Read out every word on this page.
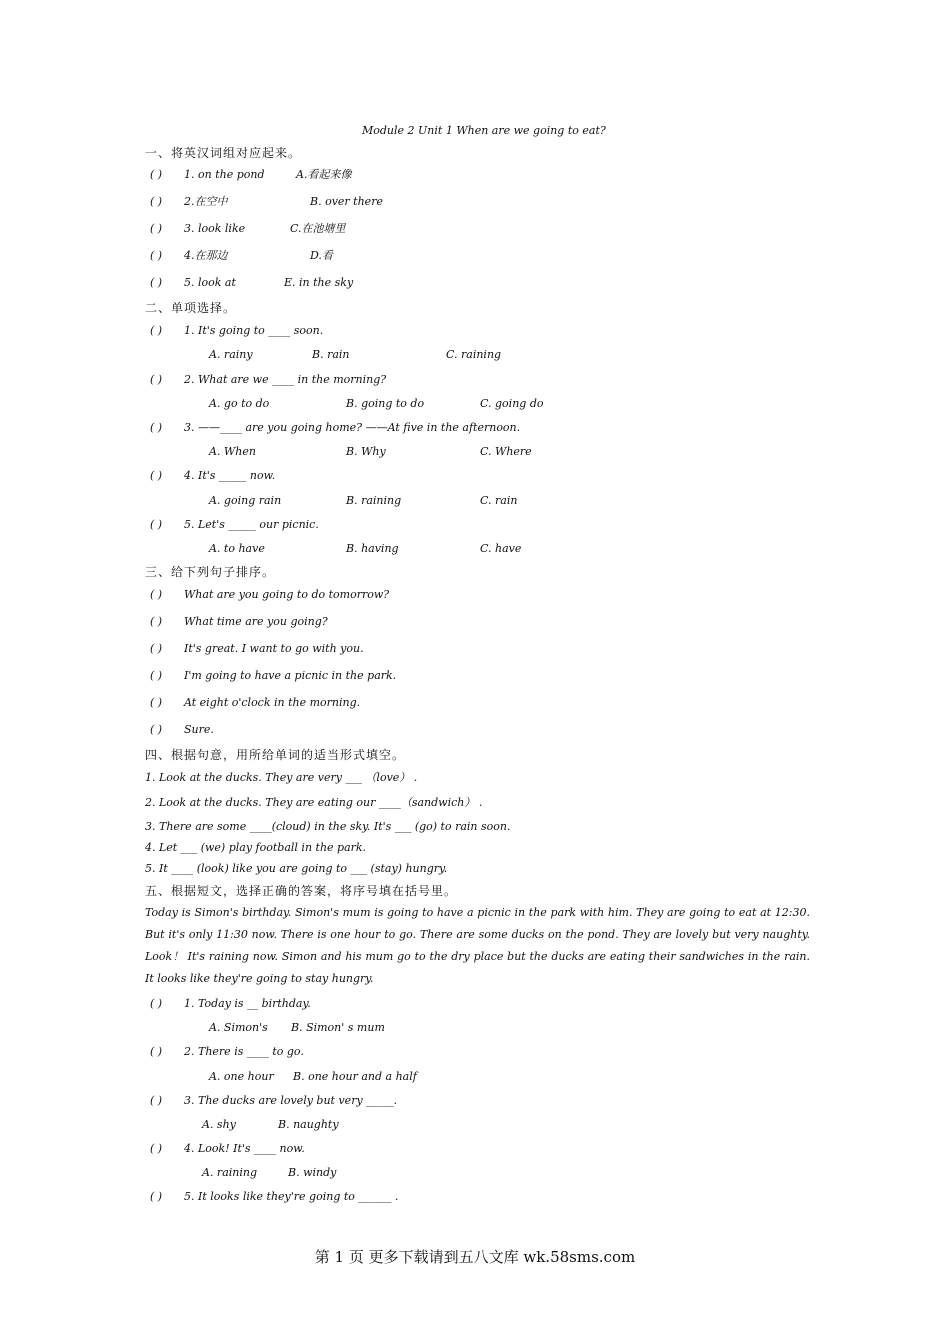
Module 2 Unit 1 When are we going to eat?
一、将英汉词组对应起来。
( ) 1. on the pond	A.看起来像
( ) 2.在空中	B. over there
( ) 3. look like	C.在池塘里
( ) 4.在那边	D.看
( ) 5. look at	E. in the sky
二、单项选择。
( ) 1. It's going to ____ soon.
A. rainy	B. rain	C. raining
( ) 2. What are we ____ in the morning?
A. go to do	B. going to do	C. going do
( ) 3. ——____ are you going home? ——At five in the afternoon.
A. When	B. Why	C. Where
( ) 4. It's _____ now.
A. going rain	B. raining	C. rain
( ) 5. Let's _____ our picnic.
A. to have	B. having	C. have
三、给下列句子排序。
( ) What are you going to do tomorrow?
( ) What time are you going?
( ) It's great. I want to go with you.
( ) I'm going to have a picnic in the park.
( ) At eight o'clock in the morning.
( ) Sure.
四、根据句意，用所给单词的适当形式填空。
1. Look at the ducks. They are very ___ （love） .
2. Look at the ducks. They are eating our ____（sandwich） .
3. There are some ____(cloud) in the sky. It's ___ (go) to rain soon.
4. Let ___ (we) play football in the park.
5. It ____ (look) like you are going to ___ (stay) hungry.
五、根据短文，选择正确的答案，将序号填在括号里。
Today is Simon's birthday. Simon's mum is going to have a picnic in the park with him. They are going to eat at 12:30. But it's only 11:30 now. There is one hour to go. There are some ducks on the pond. They are lovely but very naughty. Look！ It's raining now. Simon and his mum go to the dry place but the ducks are eating their sandwiches in the rain. It looks like they're going to stay hungry.
( ) 1. Today is __ birthday.
A. Simon's B. Simon' s mum
( ) 2. There is ____ to go.
A. one hour B. one hour and a half
( ) 3. The ducks are lovely but very _____.
A. shy	B. naughty
( ) 4. Look! It's ____ now.
A. raining	B. windy
( ) 5. It looks like they're going to ______ .
第 1 页 更多下载请到五八文库 wk.58sms.com
